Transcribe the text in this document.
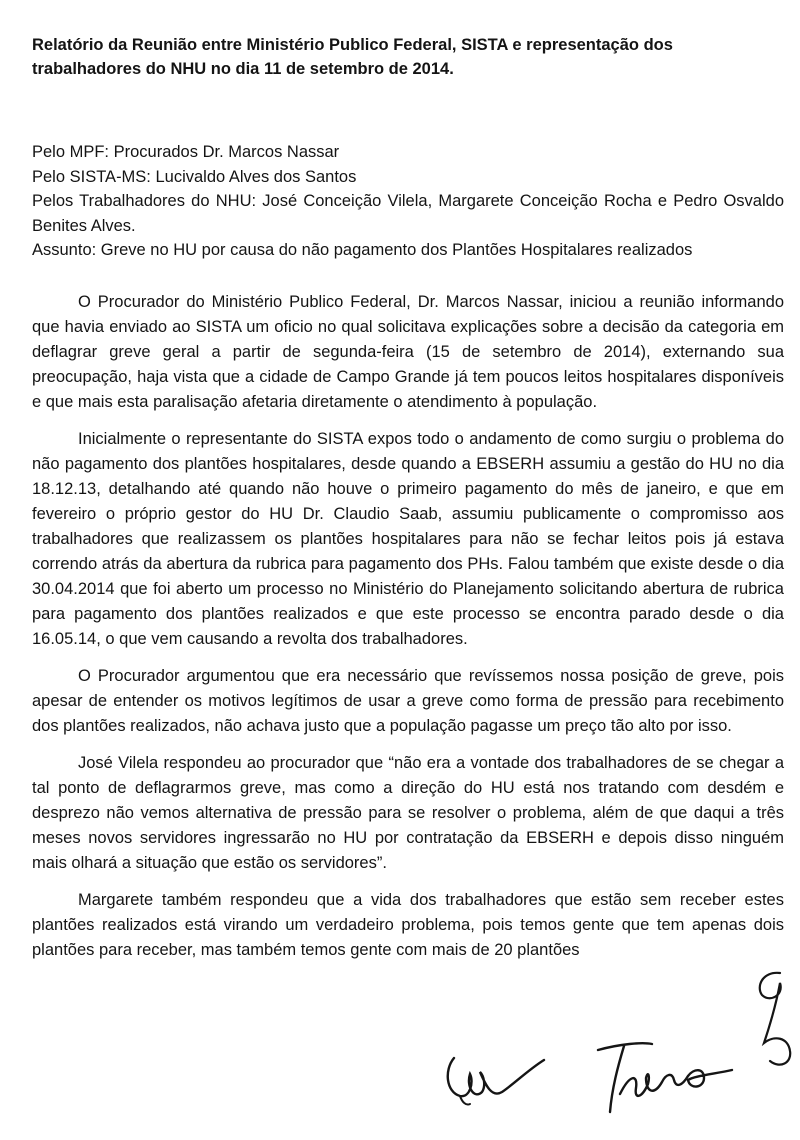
Relatório da Reunião entre Ministério Publico Federal, SISTA e representação dos trabalhadores do NHU no dia 11 de setembro de 2014.

Pelo MPF: Procurados Dr. Marcos Nassar

Pelo SISTA-MS: Lucivaldo Alves dos Santos

Pelos Trabalhadores do NHU: José Conceição Vilela, Margarete Conceição Rocha e Pedro Osvaldo Benites Alves.

Assunto: Greve no HU por causa do não pagamento dos Plantões Hospitalares realizados

O Procurador do Ministério Publico Federal, Dr. Marcos Nassar, iniciou a reunião informando que havia enviado ao SISTA um oficio no qual solicitava explicações sobre a decisão da categoria em deflagrar greve geral a partir de segunda-feira (15 de setembro de 2014), externando sua preocupação, haja vista que a cidade de Campo Grande já tem poucos leitos hospitalares disponíveis e que mais esta paralisação afetaria diretamente o atendimento à população.

Inicialmente o representante do SISTA expos todo o andamento de como surgiu o problema do não pagamento dos plantões hospitalares, desde quando a EBSERH assumiu a gestão do HU no dia 18.12.13, detalhando até quando não houve o primeiro pagamento do mês de janeiro, e que em fevereiro o próprio gestor do HU Dr. Claudio Saab, assumiu publicamente o compromisso aos trabalhadores que realizassem os plantões hospitalares para não se fechar leitos pois já estava correndo atrás da abertura da rubrica para pagamento dos PHs. Falou também que existe desde o dia 30.04.2014 que foi aberto um processo no Ministério do Planejamento solicitando abertura de rubrica para pagamento dos plantões realizados e que este processo se encontra parado desde o dia 16.05.14, o que vem causando a revolta dos trabalhadores.

O Procurador argumentou que era necessário que revíssemos nossa posição de greve, pois apesar de entender os motivos legítimos de usar a greve como forma de pressão para recebimento dos plantões realizados, não achava justo que a população pagasse um preço tão alto por isso.

José Vilela respondeu ao procurador que “não era a vontade dos trabalhadores de se chegar a tal ponto de deflagrarmos greve, mas como a direção do HU está nos tratando com desdém e desprezo não vemos alternativa de pressão para se resolver o problema, além de que daqui a três meses novos servidores ingressarão no HU por contratação da EBSERH e depois disso ninguém mais olhará a situação que estão os servidores”.

Margarete também respondeu que a vida dos trabalhadores que estão sem receber estes plantões realizados está virando um verdadeiro problema, pois temos gente que tem apenas dois plantões para receber, mas também temos gente com mais de 20 plantões
